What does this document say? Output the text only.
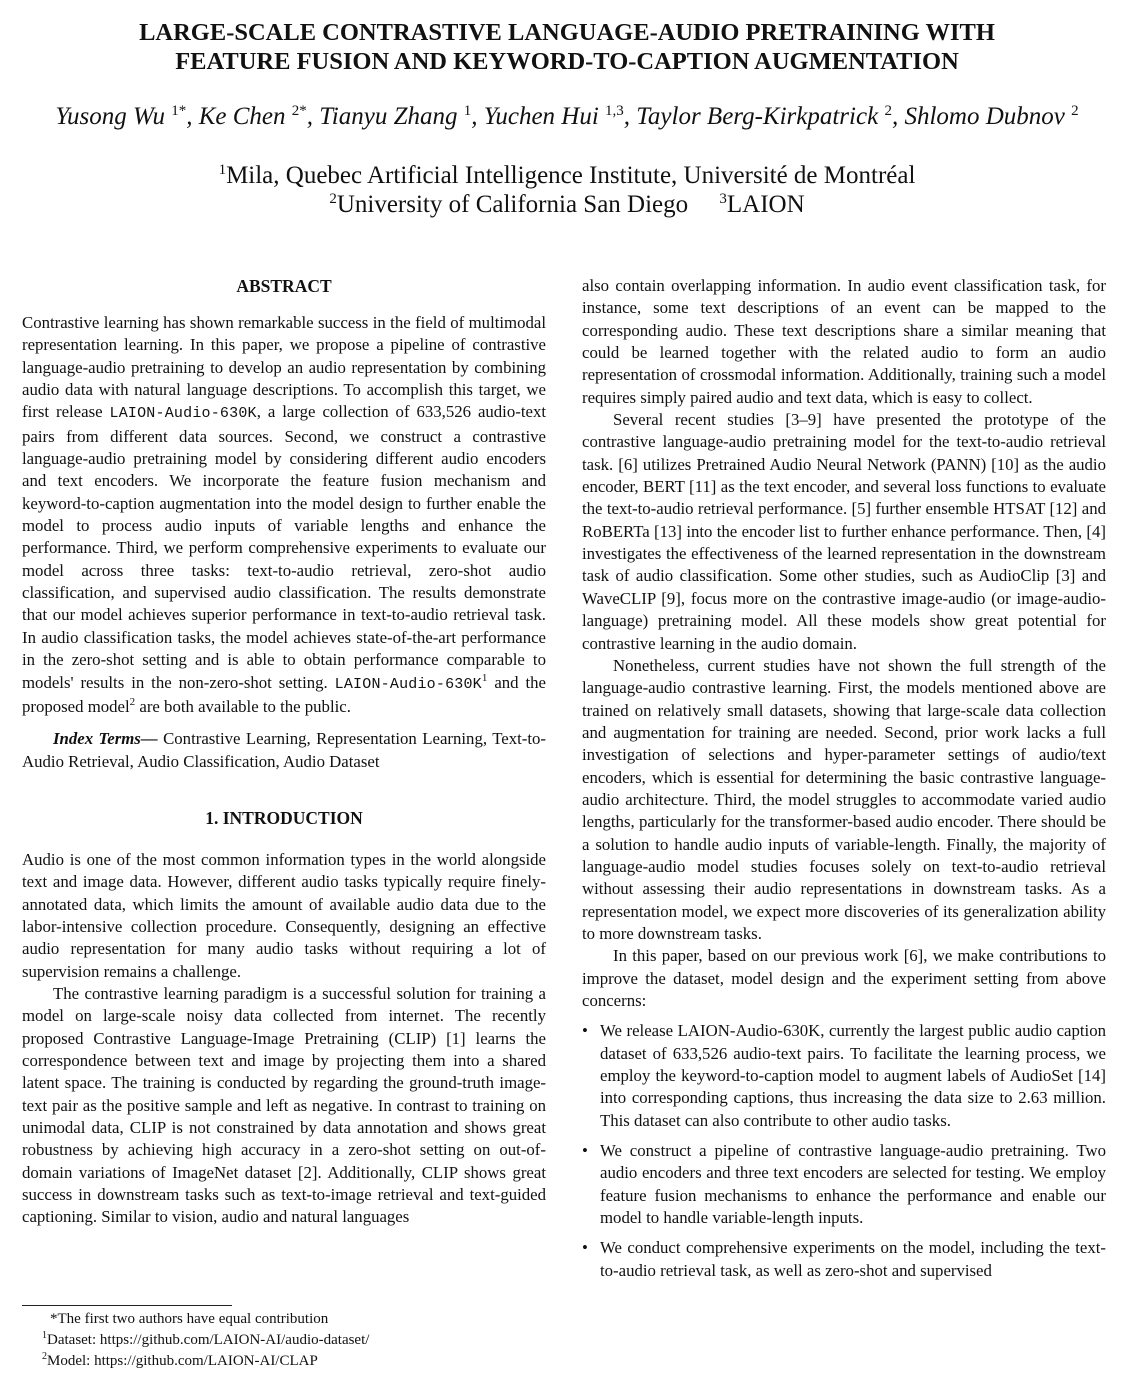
LARGE-SCALE CONTRASTIVE LANGUAGE-AUDIO PRETRAINING WITH
FEATURE FUSION AND KEYWORD-TO-CAPTION AUGMENTATION
Yusong Wu $^{1*}$, Ke Chen $^{2*}$, Tianyu Zhang $^1$, Yuchen Hui $^{1,3}$, Taylor Berg-Kirkpatrick $^2$, Shlomo Dubnov $^2$
$^1$Mila, Quebec Artificial Intelligence Institute, Université de Montréal
$^2$University of California San Diego $^3$LAION
ABSTRACT

Contrastive learning has shown remarkable success in the field of multimodal representation learning. In this paper, we propose a pipeline of contrastive language-audio pretraining to develop an audio representation by combining audio data with natural language descriptions. To accomplish this target, we first release LAION-Audio-630K, a large collection of 633,526 audio-text pairs from different data sources. Second, we construct a contrastive language-audio pretraining model by considering different audio encoders and text encoders. We incorporate the feature fusion mechanism and keyword-to-caption augmentation into the model design to further enable the model to process audio inputs of variable lengths and enhance the performance. Third, we perform comprehensive experiments to evaluate our model across three tasks: text-to-audio retrieval, zero-shot audio classification, and supervised audio classification. The results demonstrate that our model achieves superior performance in text-to-audio retrieval task. In audio classification tasks, the model achieves state-of-the-art performance in the zero-shot setting and is able to obtain performance comparable to models' results in the non-zero-shot setting. LAION-Audio-630K$^1$ and the proposed model$^2$ are both available to the public.

Index Terms— Contrastive Learning, Representation Learning, Text-to-Audio Retrieval, Audio Classification, Audio Dataset

1. INTRODUCTION

Audio is one of the most common information types in the world alongside text and image data. However, different audio tasks typically require finely-annotated data, which limits the amount of available audio data due to the labor-intensive collection procedure. Consequently, designing an effective audio representation for many audio tasks without requiring a lot of supervision remains a challenge.

The contrastive learning paradigm is a successful solution for training a model on large-scale noisy data collected from internet. The recently proposed Contrastive Language-Image Pretraining (CLIP) [1] learns the correspondence between text and image by projecting them into a shared latent space. The training is conducted by regarding the ground-truth image-text pair as the positive sample and left as negative. In contrast to training on unimodal data, CLIP is not constrained by data annotation and shows great robustness by achieving high accuracy in a zero-shot setting on out-of-domain variations of ImageNet dataset [2]. Additionally, CLIP shows great success in downstream tasks such as text-to-image retrieval and text-guided captioning. Similar to vision, audio and natural languages

also contain overlapping information. In audio event classification task, for instance, some text descriptions of an event can be mapped to the corresponding audio. These text descriptions share a similar meaning that could be learned together with the related audio to form an audio representation of crossmodal information. Additionally, training such a model requires simply paired audio and text data, which is easy to collect.

Several recent studies [3–9] have presented the prototype of the contrastive language-audio pretraining model for the text-to-audio retrieval task. [6] utilizes Pretrained Audio Neural Network (PANN) [10] as the audio encoder, BERT [11] as the text encoder, and several loss functions to evaluate the text-to-audio retrieval performance. [5] further ensemble HTSAT [12] and RoBERTa [13] into the encoder list to further enhance performance. Then, [4] investigates the effectiveness of the learned representation in the downstream task of audio classification. Some other studies, such as AudioClip [3] and WaveCLIP [9], focus more on the contrastive image-audio (or image-audio-language) pretraining model. All these models show great potential for contrastive learning in the audio domain.

Nonetheless, current studies have not shown the full strength of the language-audio contrastive learning. First, the models mentioned above are trained on relatively small datasets, showing that large-scale data collection and augmentation for training are needed. Second, prior work lacks a full investigation of selections and hyper-parameter settings of audio/text encoders, which is essential for determining the basic contrastive language-audio architecture. Third, the model struggles to accommodate varied audio lengths, particularly for the transformer-based audio encoder. There should be a solution to handle audio inputs of variable-length. Finally, the majority of language-audio model studies focuses solely on text-to-audio retrieval without assessing their audio representations in downstream tasks. As a representation model, we expect more discoveries of its generalization ability to more downstream tasks.

In this paper, based on our previous work [6], we make contributions to improve the dataset, model design and the experiment setting from above concerns:

• We release LAION-Audio-630K, currently the largest public audio caption dataset of 633,526 audio-text pairs. To facilitate the learning process, we employ the keyword-to-caption model to augment labels of AudioSet [14] into corresponding captions, thus increasing the data size to 2.63 million. This dataset can also contribute to other audio tasks.
• We construct a pipeline of contrastive language-audio pretraining. Two audio encoders and three text encoders are selected for testing. We employ feature fusion mechanisms to enhance the performance and enable our model to handle variable-length inputs.
• We conduct comprehensive experiments on the model, including the text-to-audio retrieval task, as well as zero-shot and supervised
*The first two authors have equal contribution
$^1$Dataset: https://github.com/LAION-AI/audio-dataset/
$^2$Model: https://github.com/LAION-AI/CLAP
